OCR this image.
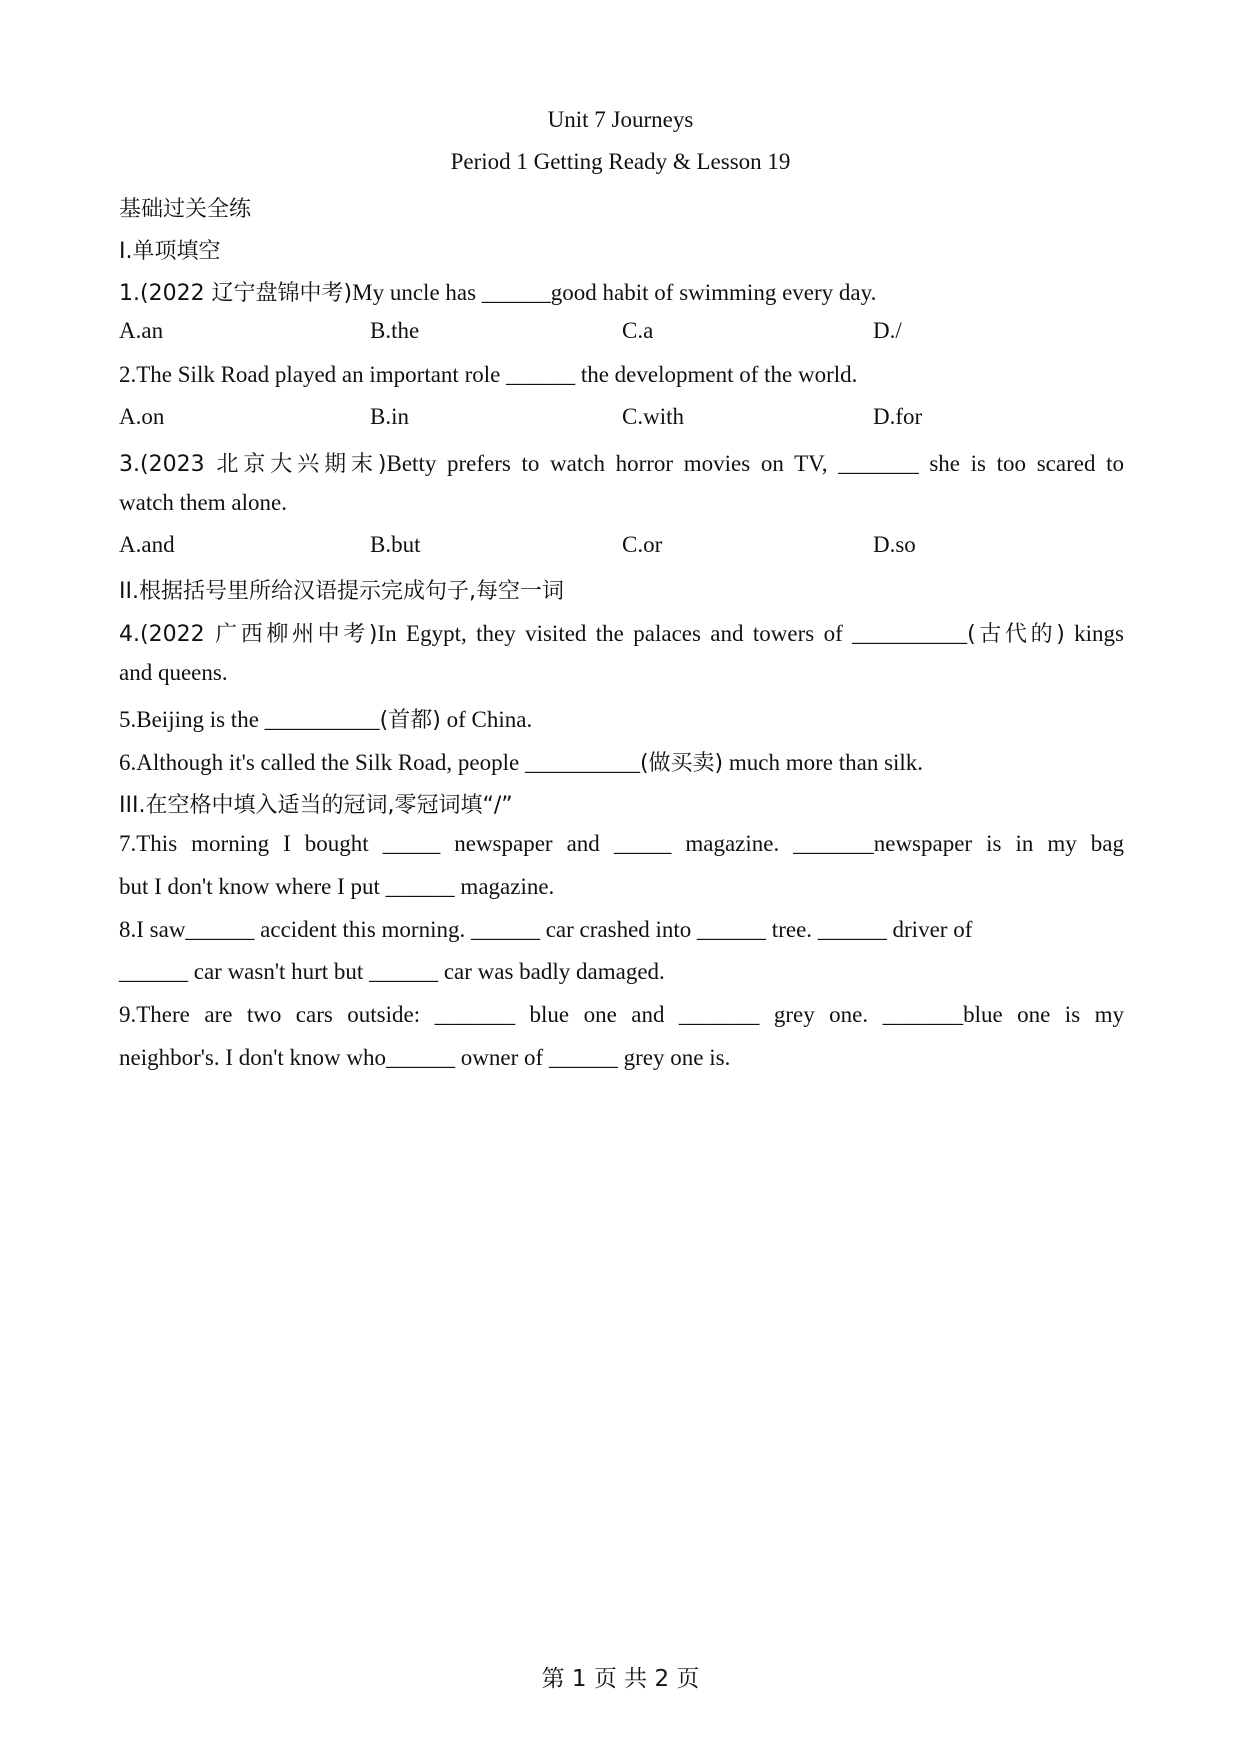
Unit 7 Journeys
Period 1 Getting Ready & Lesson 19
基础过关全练
I.单项填空
1.(2022 辽宁盘锦中考)My uncle has ______good habit of swimming every day.
A.an	B.the	C.a	D./
2.The Silk Road played an important role ______ the development of the world.
A.on	B.in	C.with	D.for
3.(2023 北京大兴期末)Betty prefers to watch horror movies on TV, _______ she is too scared to
watch them alone.
A.and	B.but	C.or	D.so
II.根据括号里所给汉语提示完成句子,每空一词
4.(2022 广西柳州中考)In Egypt, they visited the palaces and towers of __________(古代的) kings
and queens.
5.Beijing is the __________(首都) of China.
6.Although it's called the Silk Road, people __________(做买卖) much more than silk.
III.在空格中填入适当的冠词,零冠词填“/”
7.This morning I bought _____ newspaper and _____ magazine. _______newspaper is in my bag
but I don't know where I put ______ magazine.
8.I saw______ accident this morning. ______ car crashed into ______ tree. ______ driver of
______ car wasn't hurt but ______ car was badly damaged.
9.There are two cars outside: _______ blue one and _______ grey one. _______blue one is my
neighbor's. I don't know who______ owner of ______ grey one is.
第 1 页 共 2 页
